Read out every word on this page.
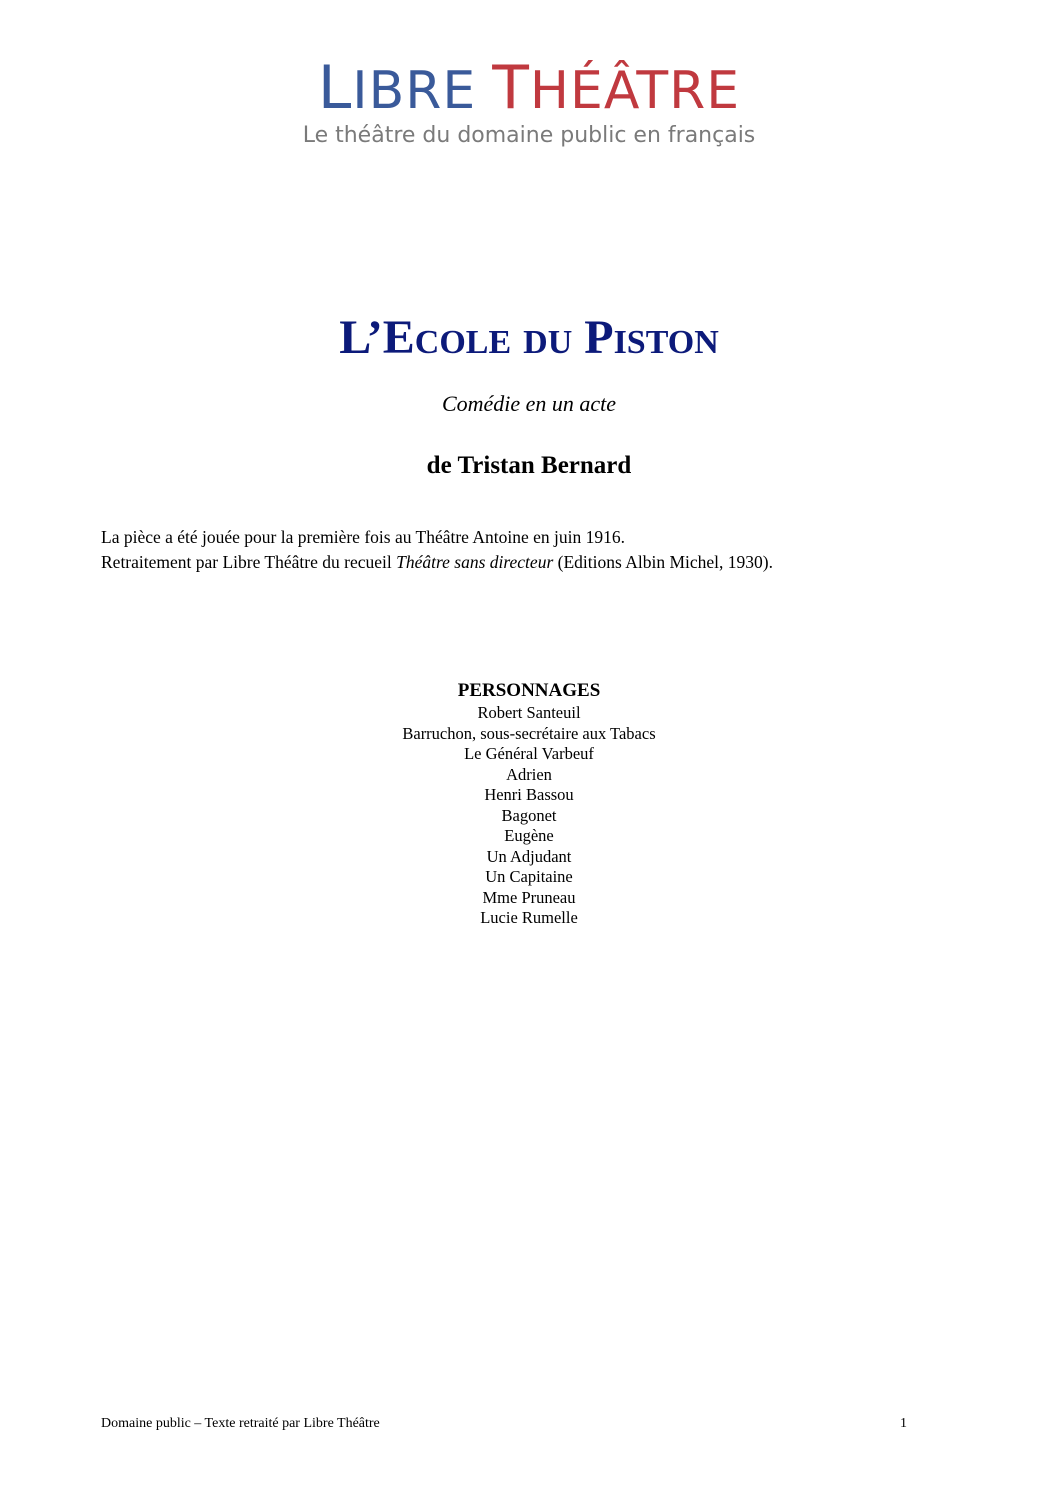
LIBRE THÉÂTRE
Le théâtre du domaine public en français
L’Ecole du Piston
Comédie en un acte
de Tristan Bernard

La pièce a été jouée pour la première fois au Théâtre Antoine en juin 1916.

Retraitement par Libre Théâtre du recueil Théâtre sans directeur (Editions Albin Michel, 1930).

PERSONNAGES
Robert Santeuil
Barruchon, sous-secrétaire aux Tabacs
Le Général Varbeuf
Adrien
Henri Bassou
Bagonet
Eugène
Un Adjudant
Un Capitaine
Mme Pruneau
Lucie Rumelle
Domaine public – Texte retraité par Libre Théâtre	1
